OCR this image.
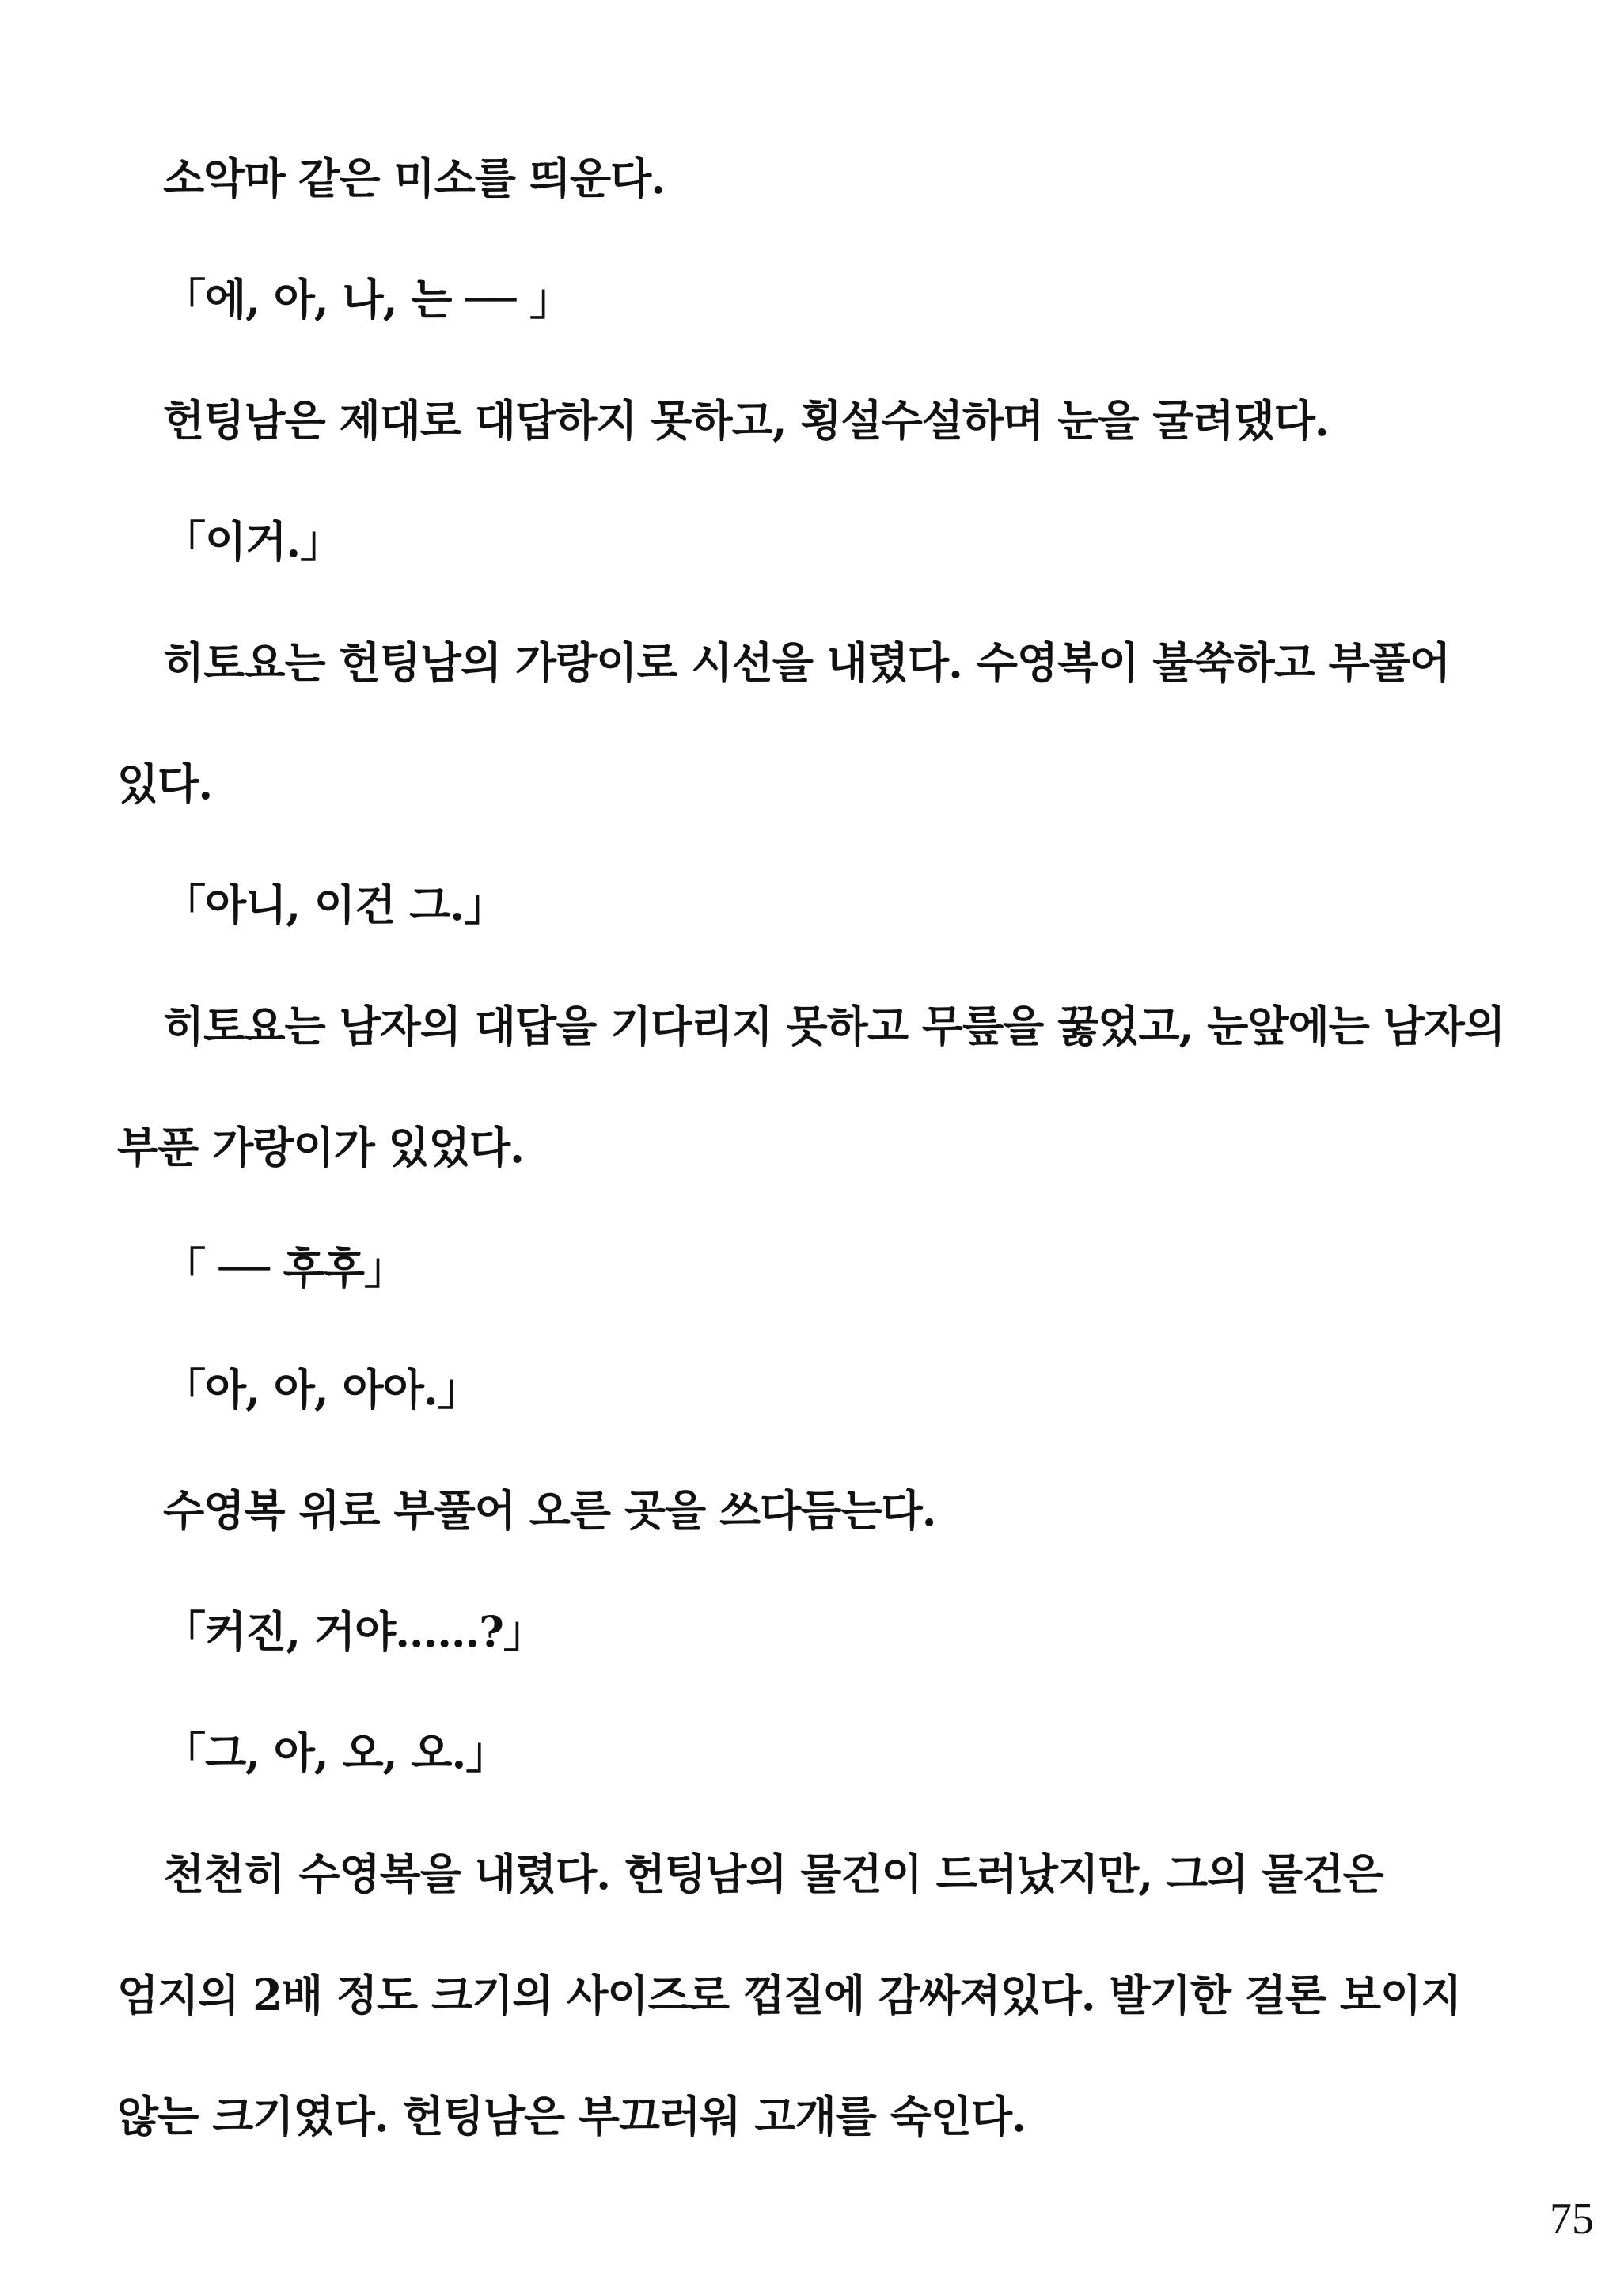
소악마 같은 미소를 띄운다.
「에, 아, 나, 는 ── 」
헌팅남은 제대로 대답하지 못하고, 횡설수설하며 눈을 굴려댔다.
「이거.」
히토요는 헌팅남의 가랑이로 시선을 내렸다. 수영복이 불쑥하고 부풀어
있다.
「아니, 이건 그.」
히토요는 남자의 대답을 기다리지 못하고 무릎을 꿇었고, 눈앞에는 남자의
부푼 가랑이가 있었다.
「 ── 후후」
「아, 아, 아아.」
수영복 위로 부풀어 오른 곳을 쓰다듬는다.
「커진, 거야……?」
「그, 아, 오, 오.」
천천히 수영복을 내렸다. 헌팅남의 물건이 드러났지만, 그의 물건은
엄지의 2배 정도 크기의 사이즈로 껍질에 감싸져있다. 발기한 걸론 보이지
않는 크기였다. 헌팅남은 부끄러워 고개를 숙인다.
75
